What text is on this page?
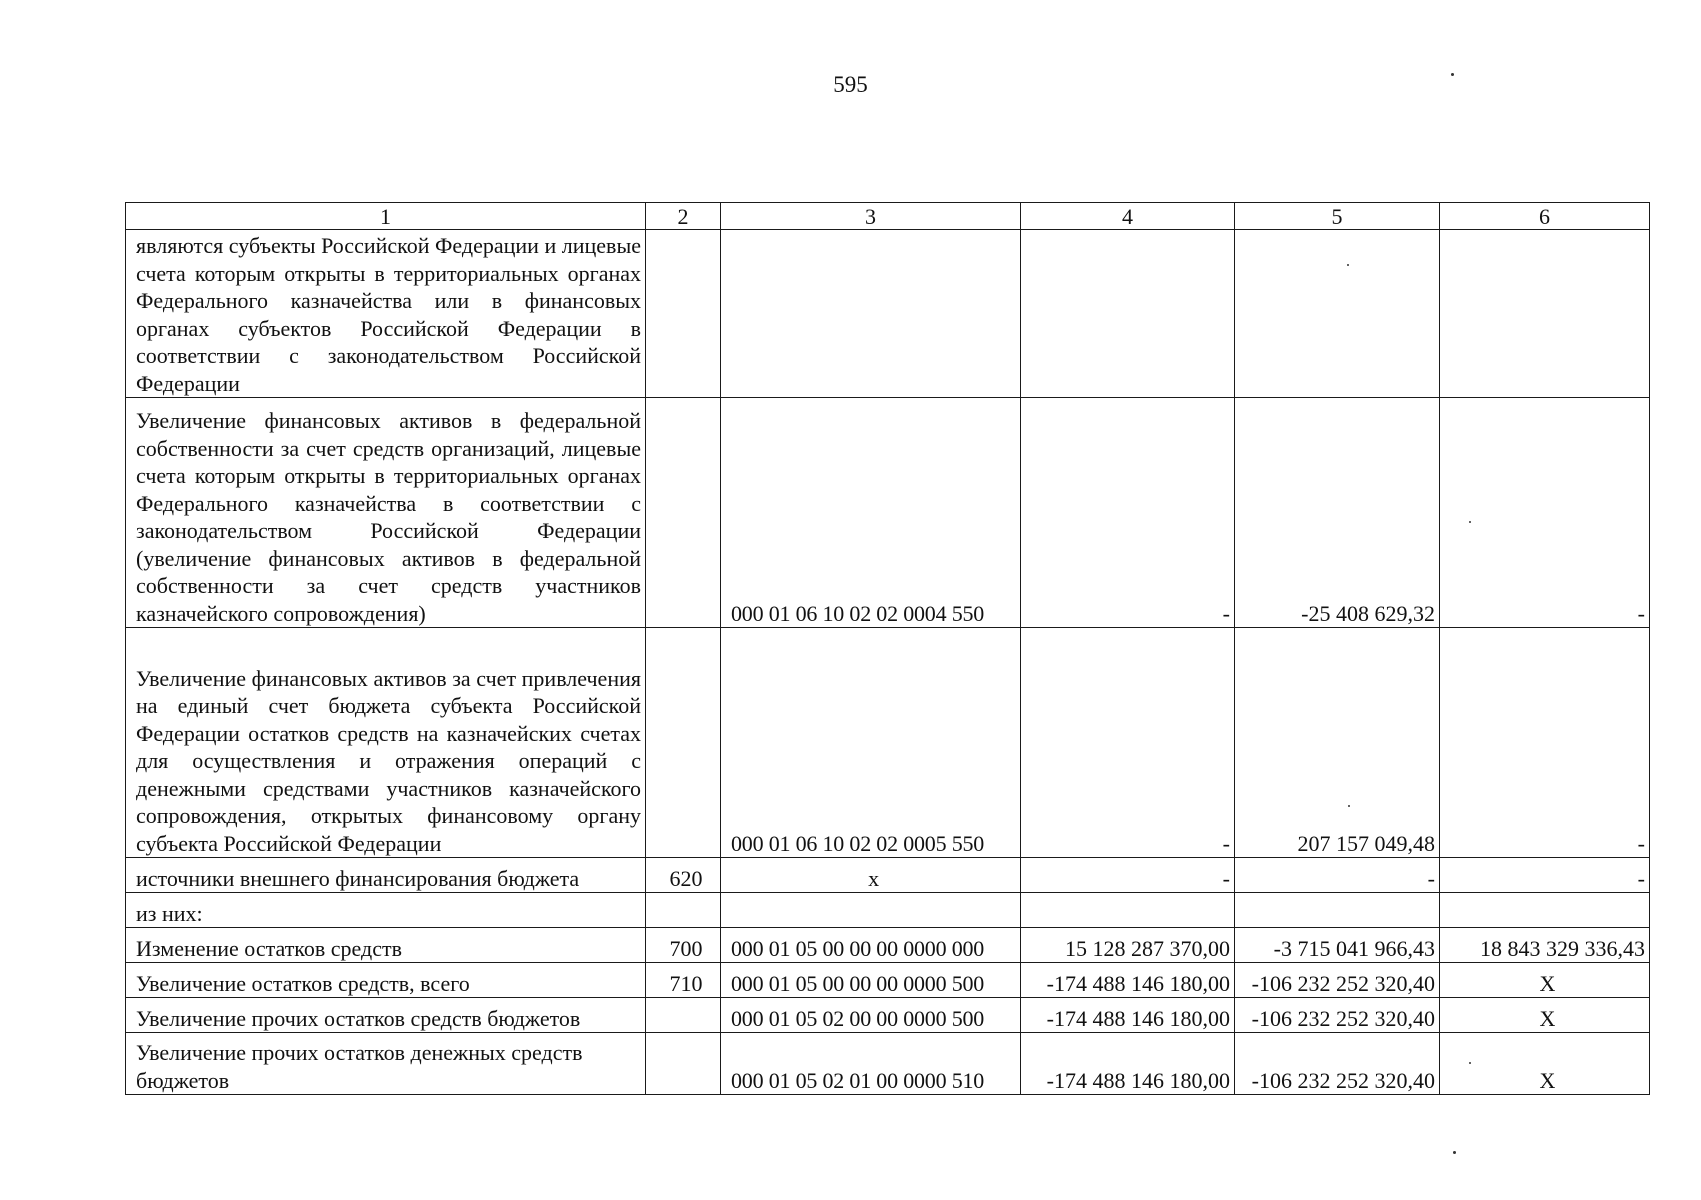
595
1	2	3	4	5	6
являются субъекты Российской Федерации и лицевые счета которым открыты в территориальных органах Федерального казначейства или в финансовых органах субъектов Российской Федерации в соответствии с законодательством Российской Федерации					
Увеличение финансовых активов в федеральной собственности за счет средств организаций, лицевые счета которым открыты в территориальных органах Федерального казначейства в соответствии с законодательством Российской Федерации (увеличение финансовых активов в федеральной собственности за счет средств участников казначейского сопровождения)		000 01 06 10 02 02 0004 550	-	-25 408 629,32	-
Увеличение финансовых активов за счет привлечения на единый счет бюджета субъекта Российской Федерации остатков средств на казначейских счетах для осуществления и отражения операций с денежными средствами участников казначейского сопровождения, открытых финансовому органу субъекта Российской Федерации		000 01 06 10 02 02 0005 550	-	207 157 049,48	-
источники внешнего финансирования бюджета	620	x	-	-	-
из них:					
Изменение остатков средств	700	000 01 05 00 00 00 0000 000	15 128 287 370,00	-3 715 041 966,43	18 843 329 336,43
Увеличение остатков средств, всего	710	000 01 05 00 00 00 0000 500	-174 488 146 180,00	-106 232 252 320,40	X
Увеличение прочих остатков средств бюджетов		000 01 05 02 00 00 0000 500	-174 488 146 180,00	-106 232 252 320,40	X
Увеличение прочих остатков денежных средств бюджетов		000 01 05 02 01 00 0000 510	-174 488 146 180,00	-106 232 252 320,40	X
